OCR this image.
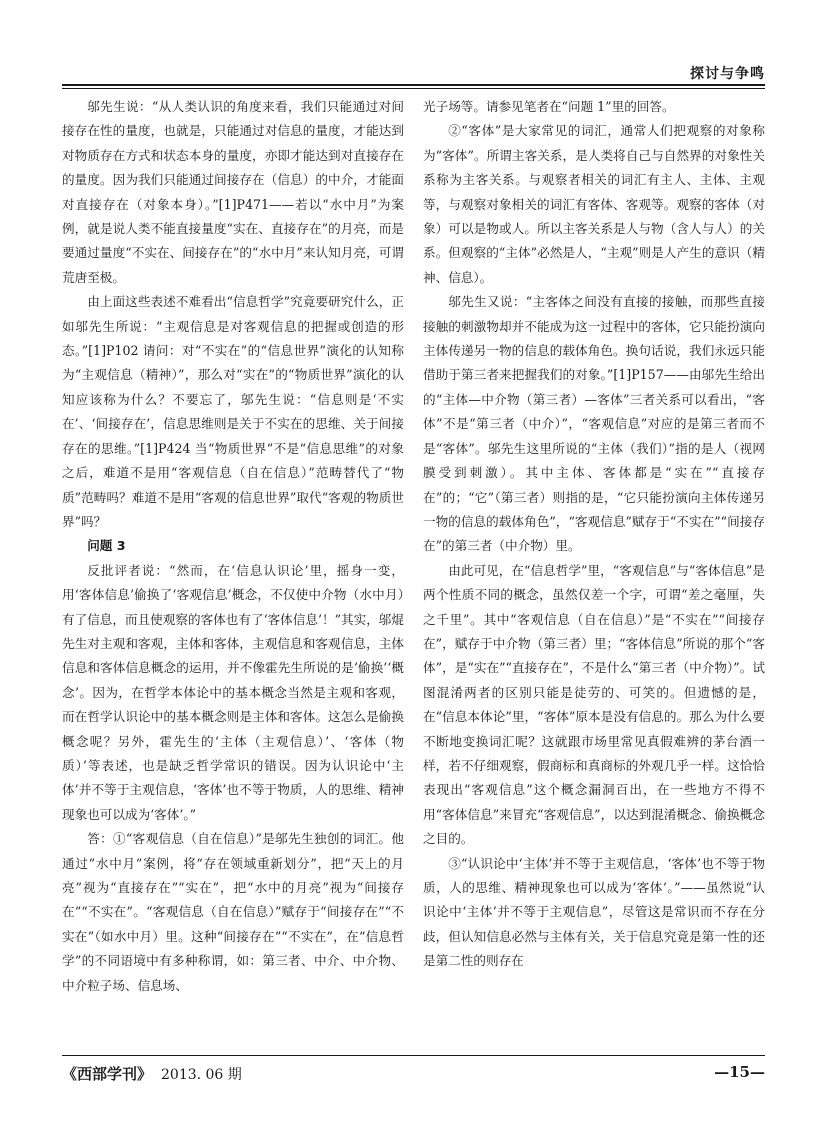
探讨与争鸣

邬先生说：“从人类认识的角度来看，我们只能通过对间接存在性的量度，也就是，只能通过对信息的量度，才能达到对物质存在方式和状态本身的量度，亦即才能达到对直接存在的量度。因为我们只能通过间接存在（信息）的中介，才能面对直接存在（对象本身）。”[1]P471——若以“水中月”为案例，就是说人类不能直接量度“实在、直接存在”的月亮，而是要通过量度“不实在、间接存在”的“水中月”来认知月亮，可谓荒唐至极。

由上面这些表述不难看出“信息哲学”究竟要研究什么，正如邬先生所说：“主观信息是对客观信息的把握或创造的形态。”[1]P102 请问：对“不实在”的“信息世界”演化的认知称为“主观信息（精神）”，那么对“实在”的“物质世界”演化的认知应该称为什么？不要忘了，邬先生说：“信息则是‘不实在’、‘间接存在’，信息思维则是关于不实在的思维、关于间接存在的思维。”[1]P424 当“物质世界”不是“信息思维”的对象之后，难道不是用“客观信息（自在信息）”范畴替代了“物质”范畴吗？难道不是用“客观的信息世界”取代“客观的物质世界”吗？

问题 3

反批评者说：“然而，在‘信息认识论’里，摇身一变，用‘客体信息’偷换了‘客观信息’概念，不仅使中介物（水中月）有了信息，而且使观察的客体也有了‘客体信息’！”其实，邬焜先生对主观和客观，主体和客体，主观信息和客观信息，主体信息和客体信息概念的运用，并不像霍先生所说的是‘偷换’‘概念’。因为，在哲学本体论中的基本概念当然是主观和客观，而在哲学认识论中的基本概念则是主体和客体。这怎么是偷换概念呢？另外，霍先生的‘主体（主观信息）’、‘客体（物质）’等表述，也是缺乏哲学常识的错误。因为认识论中‘主体’并不等于主观信息，‘客体’也不等于物质，人的思维、精神现象也可以成为‘客体’。”

答：①“客观信息（自在信息）”是邬先生独创的词汇。他通过“水中月”案例，将“存在领域重新划分”，把“天上的月亮”视为“直接存在”“实在”，把“水中的月亮”视为“间接存在”“不实在”。“客观信息（自在信息）”赋存于“间接存在”“不实在”（如水中月）里。这种“间接存在”“不实在”，在“信息哲学”的不同语境中有多种称谓，如：第三者、中介、中介物、中介粒子场、信息场、

光子场等。请参见笔者在“问题 1”里的回答。

②“客体”是大家常见的词汇，通常人们把观察的对象称为“客体”。所谓主客关系，是人类将自己与自然界的对象性关系称为主客关系。与观察者相关的词汇有主人、主体、主观等，与观察对象相关的词汇有客体、客观等。观察的客体（对象）可以是物或人。所以主客关系是人与物（含人与人）的关系。但观察的“主体”必然是人，“主观”则是人产生的意识（精神、信息）。

邬先生又说：“主客体之间没有直接的接触，而那些直接接触的刺激物却并不能成为这一过程中的客体，它只能扮演向主体传递另一物的信息的载体角色。换句话说，我们永远只能借助于第三者来把握我们的对象。”[1]P157——由邬先生给出的“主体—中介物（第三者）—客体”三者关系可以看出，“客体”不是“第三者（中介）”，“客观信息”对应的是第三者而不是“客体”。邬先生这里所说的“主体（我们）”指的是人（视网膜受到刺激）。其中主体、客体都是“实在”“直接存在”的；“它”（第三者）则指的是，“它只能扮演向主体传递另一物的信息的载体角色”，“客观信息”赋存于“不实在”“间接存在”的第三者（中介物）里。

由此可见，在“信息哲学”里，“客观信息”与“客体信息”是两个性质不同的概念，虽然仅差一个字，可谓“差之毫厘，失之千里”。其中“客观信息（自在信息）”是“不实在”“间接存在”，赋存于中介物（第三者）里；“客体信息”所说的那个“客体”，是“实在”“直接存在”，不是什么“第三者（中介物）”。试图混淆两者的区别只能是徒劳的、可笑的。但遗憾的是，在“信息本体论”里，“客体”原本是没有信息的。那么为什么要不断地变换词汇呢？这就跟市场里常见真假难辨的茅台酒一样，若不仔细观察，假商标和真商标的外观几乎一样。这恰恰表现出“客观信息”这个概念漏洞百出，在一些地方不得不用“客体信息”来冒充“客观信息”，以达到混淆概念、偷换概念之目的。

③“认识论中‘主体’并不等于主观信息，‘客体’也不等于物质，人的思维、精神现象也可以成为‘客体’。”——虽然说“认识论中‘主体’并不等于主观信息”，尽管这是常识而不存在分歧，但认知信息必然与主体有关，关于信息究竟是第一性的还是第二性的则存在

《西部学刊》 2013. 06 期	—15—
